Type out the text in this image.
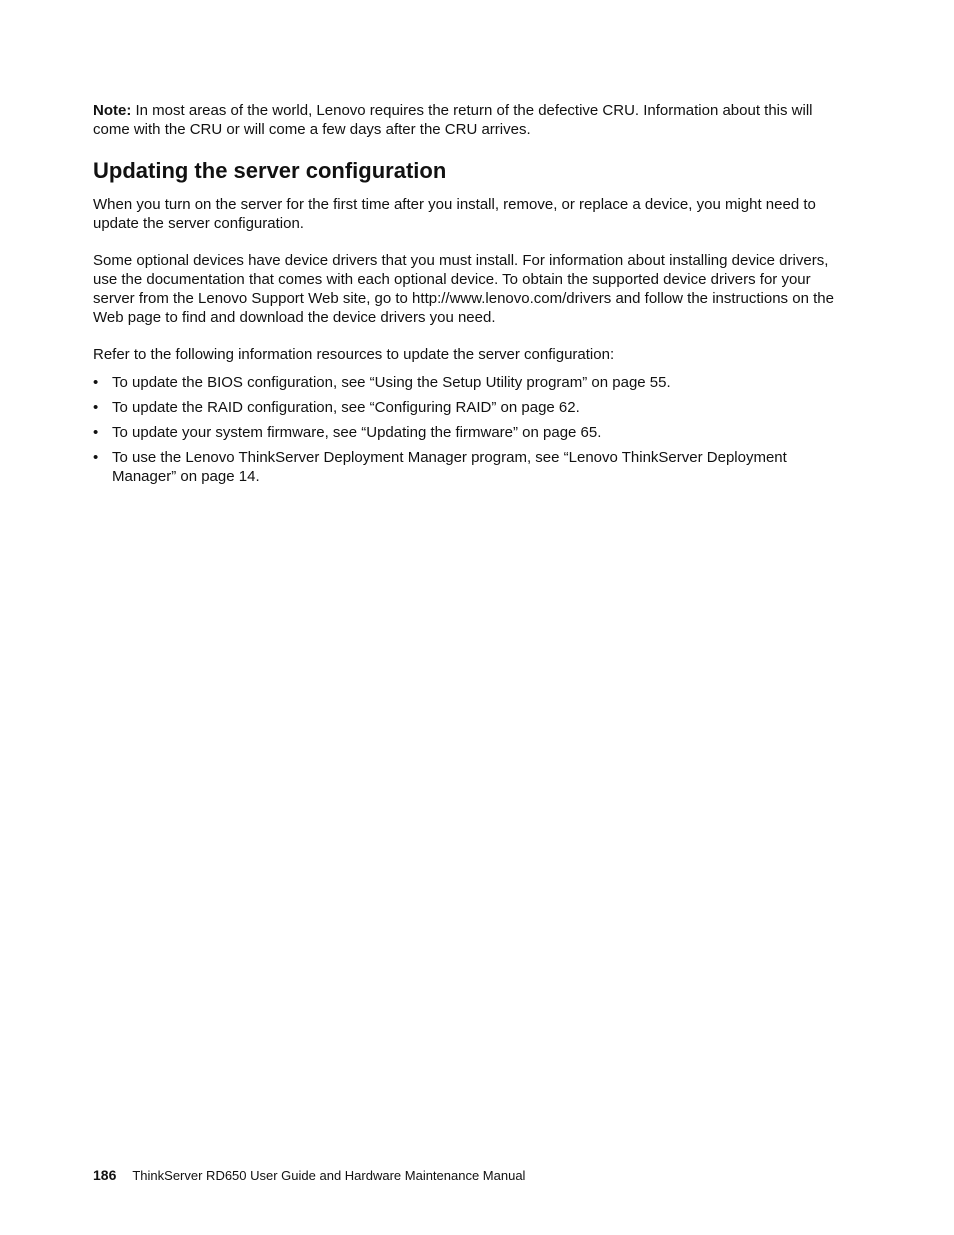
Note: In most areas of the world, Lenovo requires the return of the defective CRU. Information about this will come with the CRU or will come a few days after the CRU arrives.

Updating the server configuration

When you turn on the server for the first time after you install, remove, or replace a device, you might need to update the server configuration.

Some optional devices have device drivers that you must install. For information about installing device drivers, use the documentation that comes with each optional device. To obtain the supported device drivers for your server from the Lenovo Support Web site, go to http://www.lenovo.com/drivers and follow the instructions on the Web page to find and download the device drivers you need.

Refer to the following information resources to update the server configuration:

• To update the BIOS configuration, see “Using the Setup Utility program” on page 55.
• To update the RAID configuration, see “Configuring RAID” on page 62.
• To update your system firmware, see “Updating the firmware” on page 65.
• To use the Lenovo ThinkServer Deployment Manager program, see “Lenovo ThinkServer Deployment Manager” on page 14.
186 ThinkServer RD650 User Guide and Hardware Maintenance Manual
